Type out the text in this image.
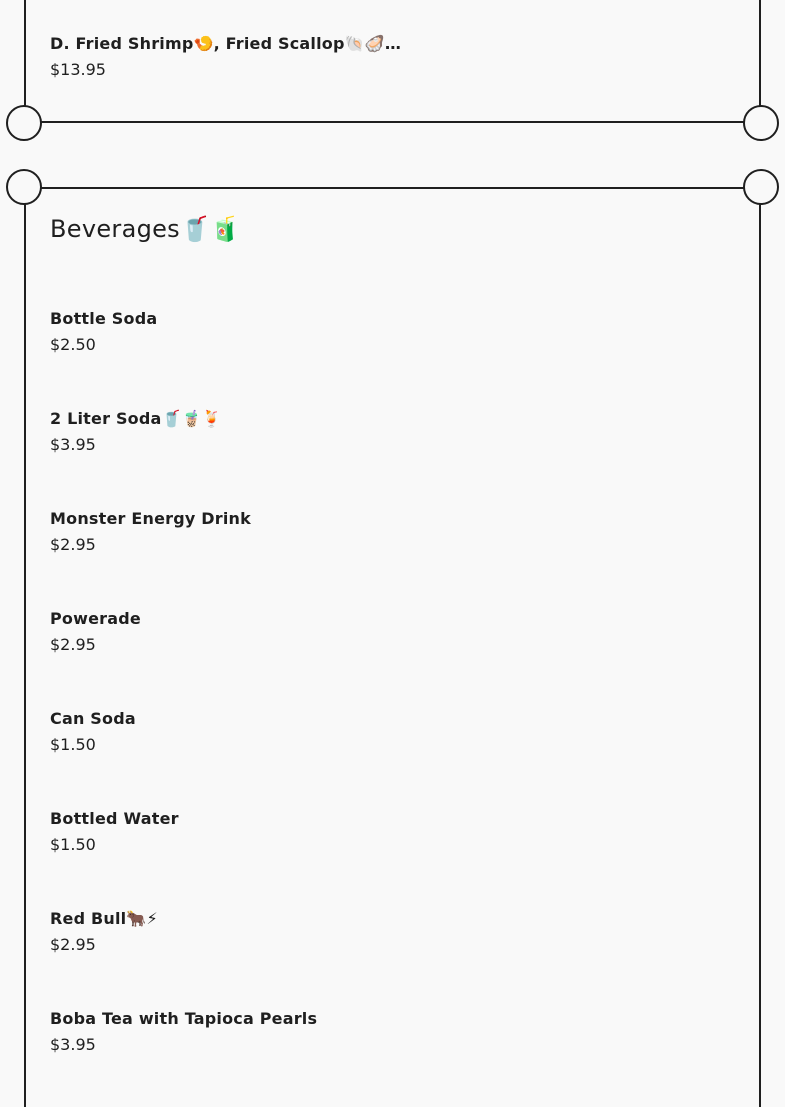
D. Fried Shrimp🍤, Fried Scallop🐚🦪…
$13.95
Beverages🥤🧃
Bottle Soda
$2.50
2 Liter Soda🥤🧋🍹
$3.95
Monster Energy Drink
$2.95
Powerade
$2.95
Can Soda
$1.50
Bottled Water
$1.50
Red Bull🐂⚡
$2.95
Boba Tea with Tapioca Pearls
$3.95
